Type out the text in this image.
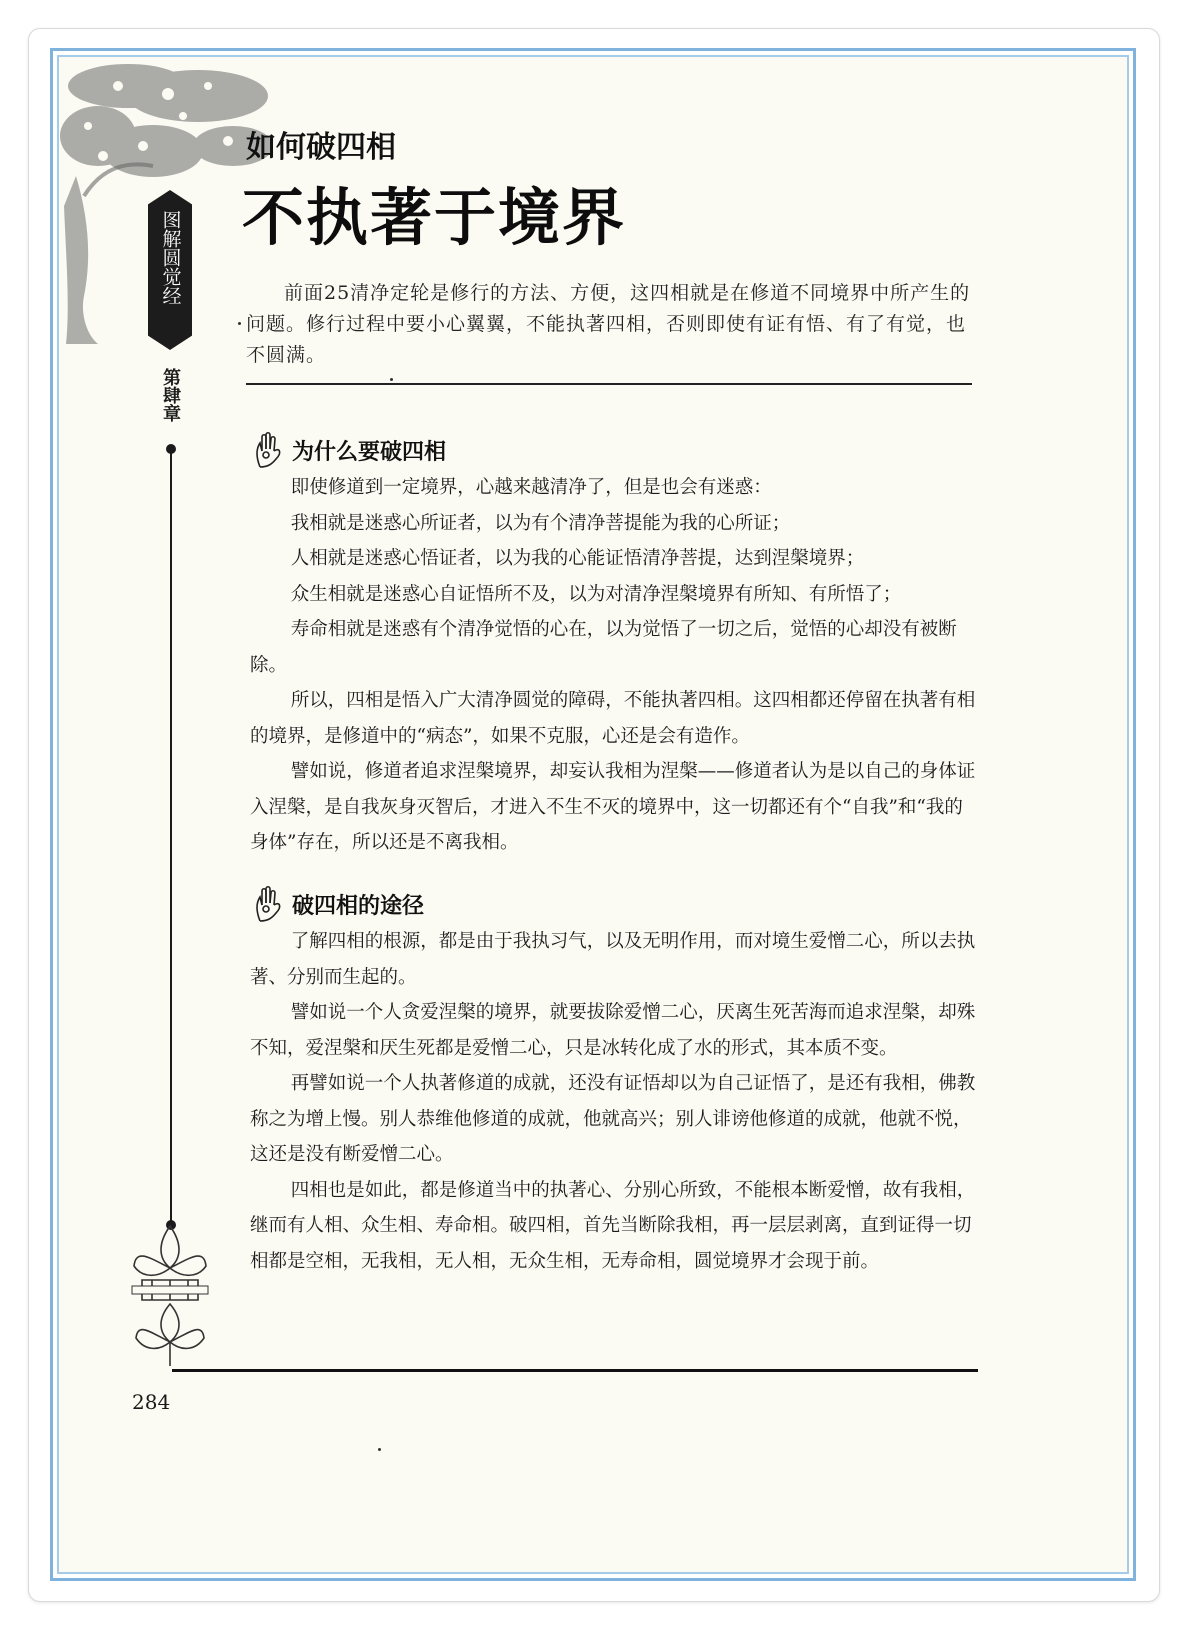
图解圆觉经
第肆章
如何破四相
不执著于境界

前面25清净定轮是修行的方法、方便，这四相就是在修道不同境界中所产生的问题。修行过程中要小心翼翼，不能执著四相，否则即使有证有悟、有了有觉，也不圆满。

为什么要破四相

即使修道到一定境界，心越来越清净了，但是也会有迷惑：

我相就是迷惑心所证者，以为有个清净菩提能为我的心所证；

人相就是迷惑心悟证者，以为我的心能证悟清净菩提，达到涅槃境界；

众生相就是迷惑心自证悟所不及，以为对清净涅槃境界有所知、有所悟了；

寿命相就是迷惑有个清净觉悟的心在，以为觉悟了一切之后，觉悟的心却没有被断除。

所以，四相是悟入广大清净圆觉的障碍，不能执著四相。这四相都还停留在执著有相的境界，是修道中的“病态”，如果不克服，心还是会有造作。

譬如说，修道者追求涅槃境界，却妄认我相为涅槃——修道者认为是以自己的身体证入涅槃，是自我灰身灭智后，才进入不生不灭的境界中，这一切都还有个“自我”和“我的身体”存在，所以还是不离我相。

破四相的途径

了解四相的根源，都是由于我执习气，以及无明作用，而对境生爱憎二心，所以去执著、分别而生起的。

譬如说一个人贪爱涅槃的境界，就要拔除爱憎二心，厌离生死苦海而追求涅槃，却殊不知，爱涅槃和厌生死都是爱憎二心，只是冰转化成了水的形式，其本质不变。

再譬如说一个人执著修道的成就，还没有证悟却以为自己证悟了，是还有我相，佛教称之为增上慢。别人恭维他修道的成就，他就高兴；别人诽谤他修道的成就，他就不悦，这还是没有断爱憎二心。

四相也是如此，都是修道当中的执著心、分别心所致，不能根本断爱憎，故有我相，继而有人相、众生相、寿命相。破四相，首先当断除我相，再一层层剥离，直到证得一切相都是空相，无我相，无人相，无众生相，无寿命相，圆觉境界才会现于前。

284
